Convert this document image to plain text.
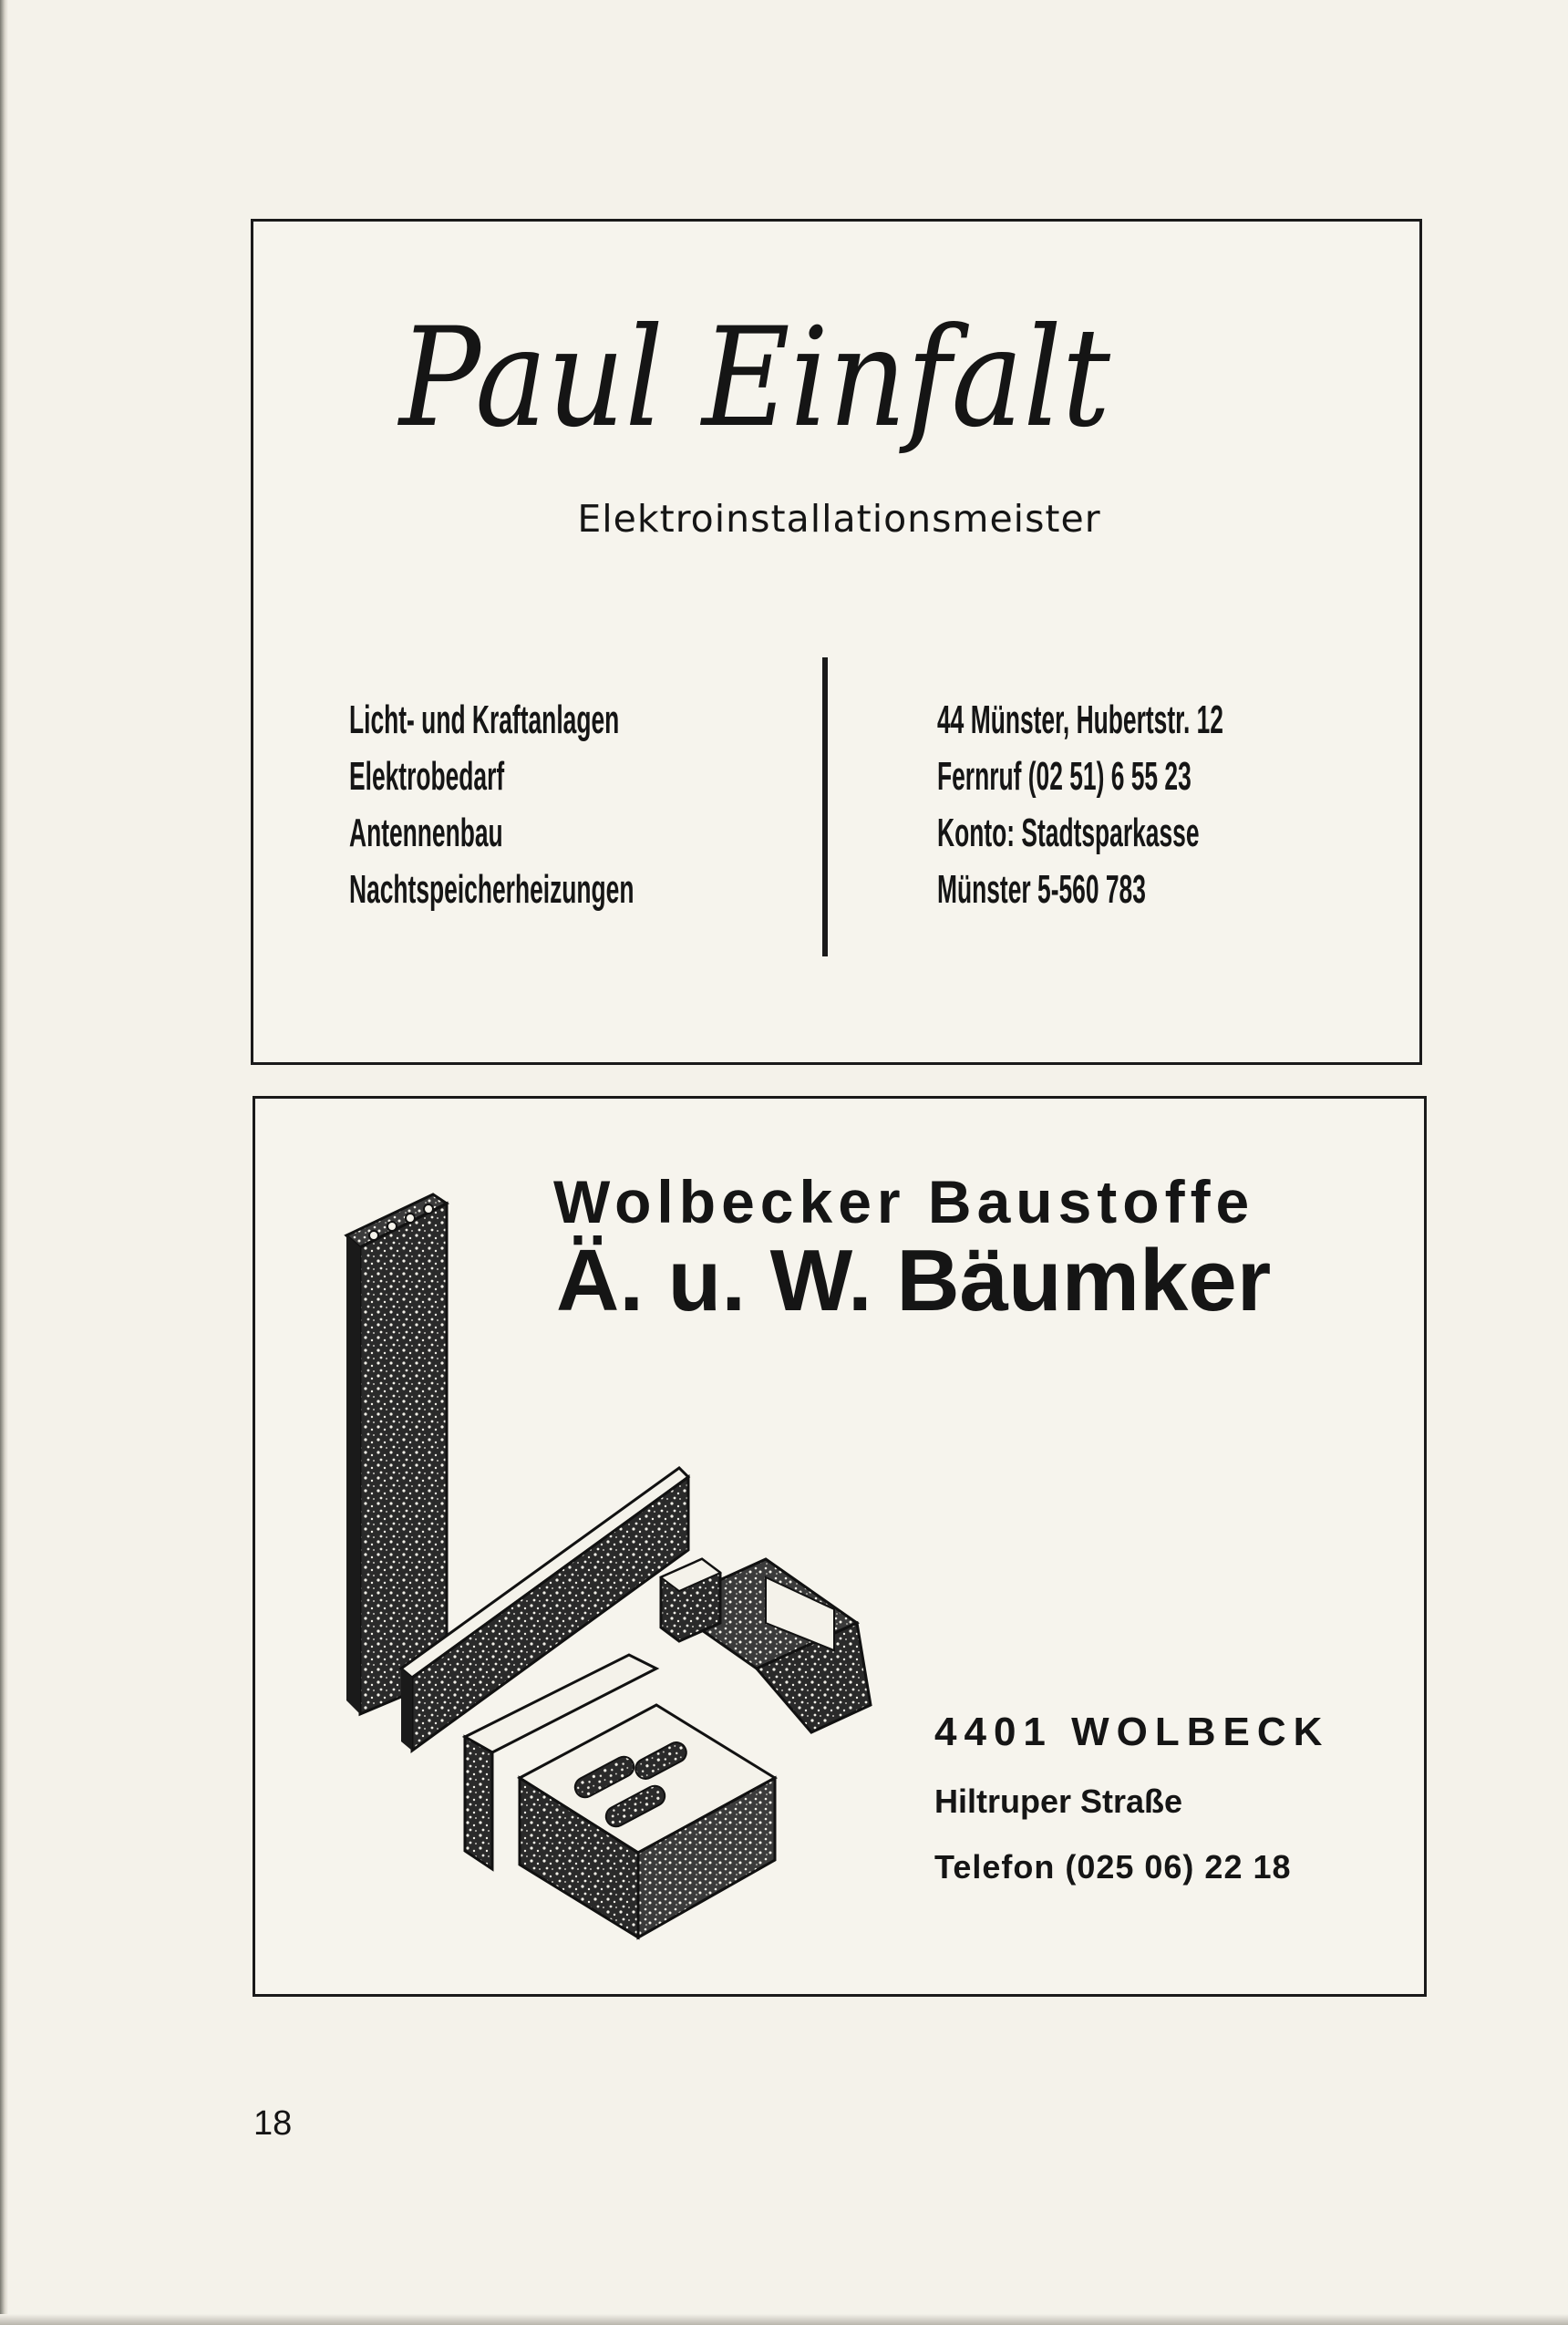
Paul Einfalt
Elektroinstallationsmeister
Licht- und Kraftanlagen
Elektrobedarf
Antennenbau
Nachtspeicherheizungen
44 Münster, Hubertstr. 12
Fernruf (02 51) 6 55 23
Konto: Stadtsparkasse
Münster 5-560 783
Wolbecker Baustoffe
Ä. u. W. Bäumker
4401 WOLBECK
Hiltruper Straße
Telefon (025 06) 22 18
18
